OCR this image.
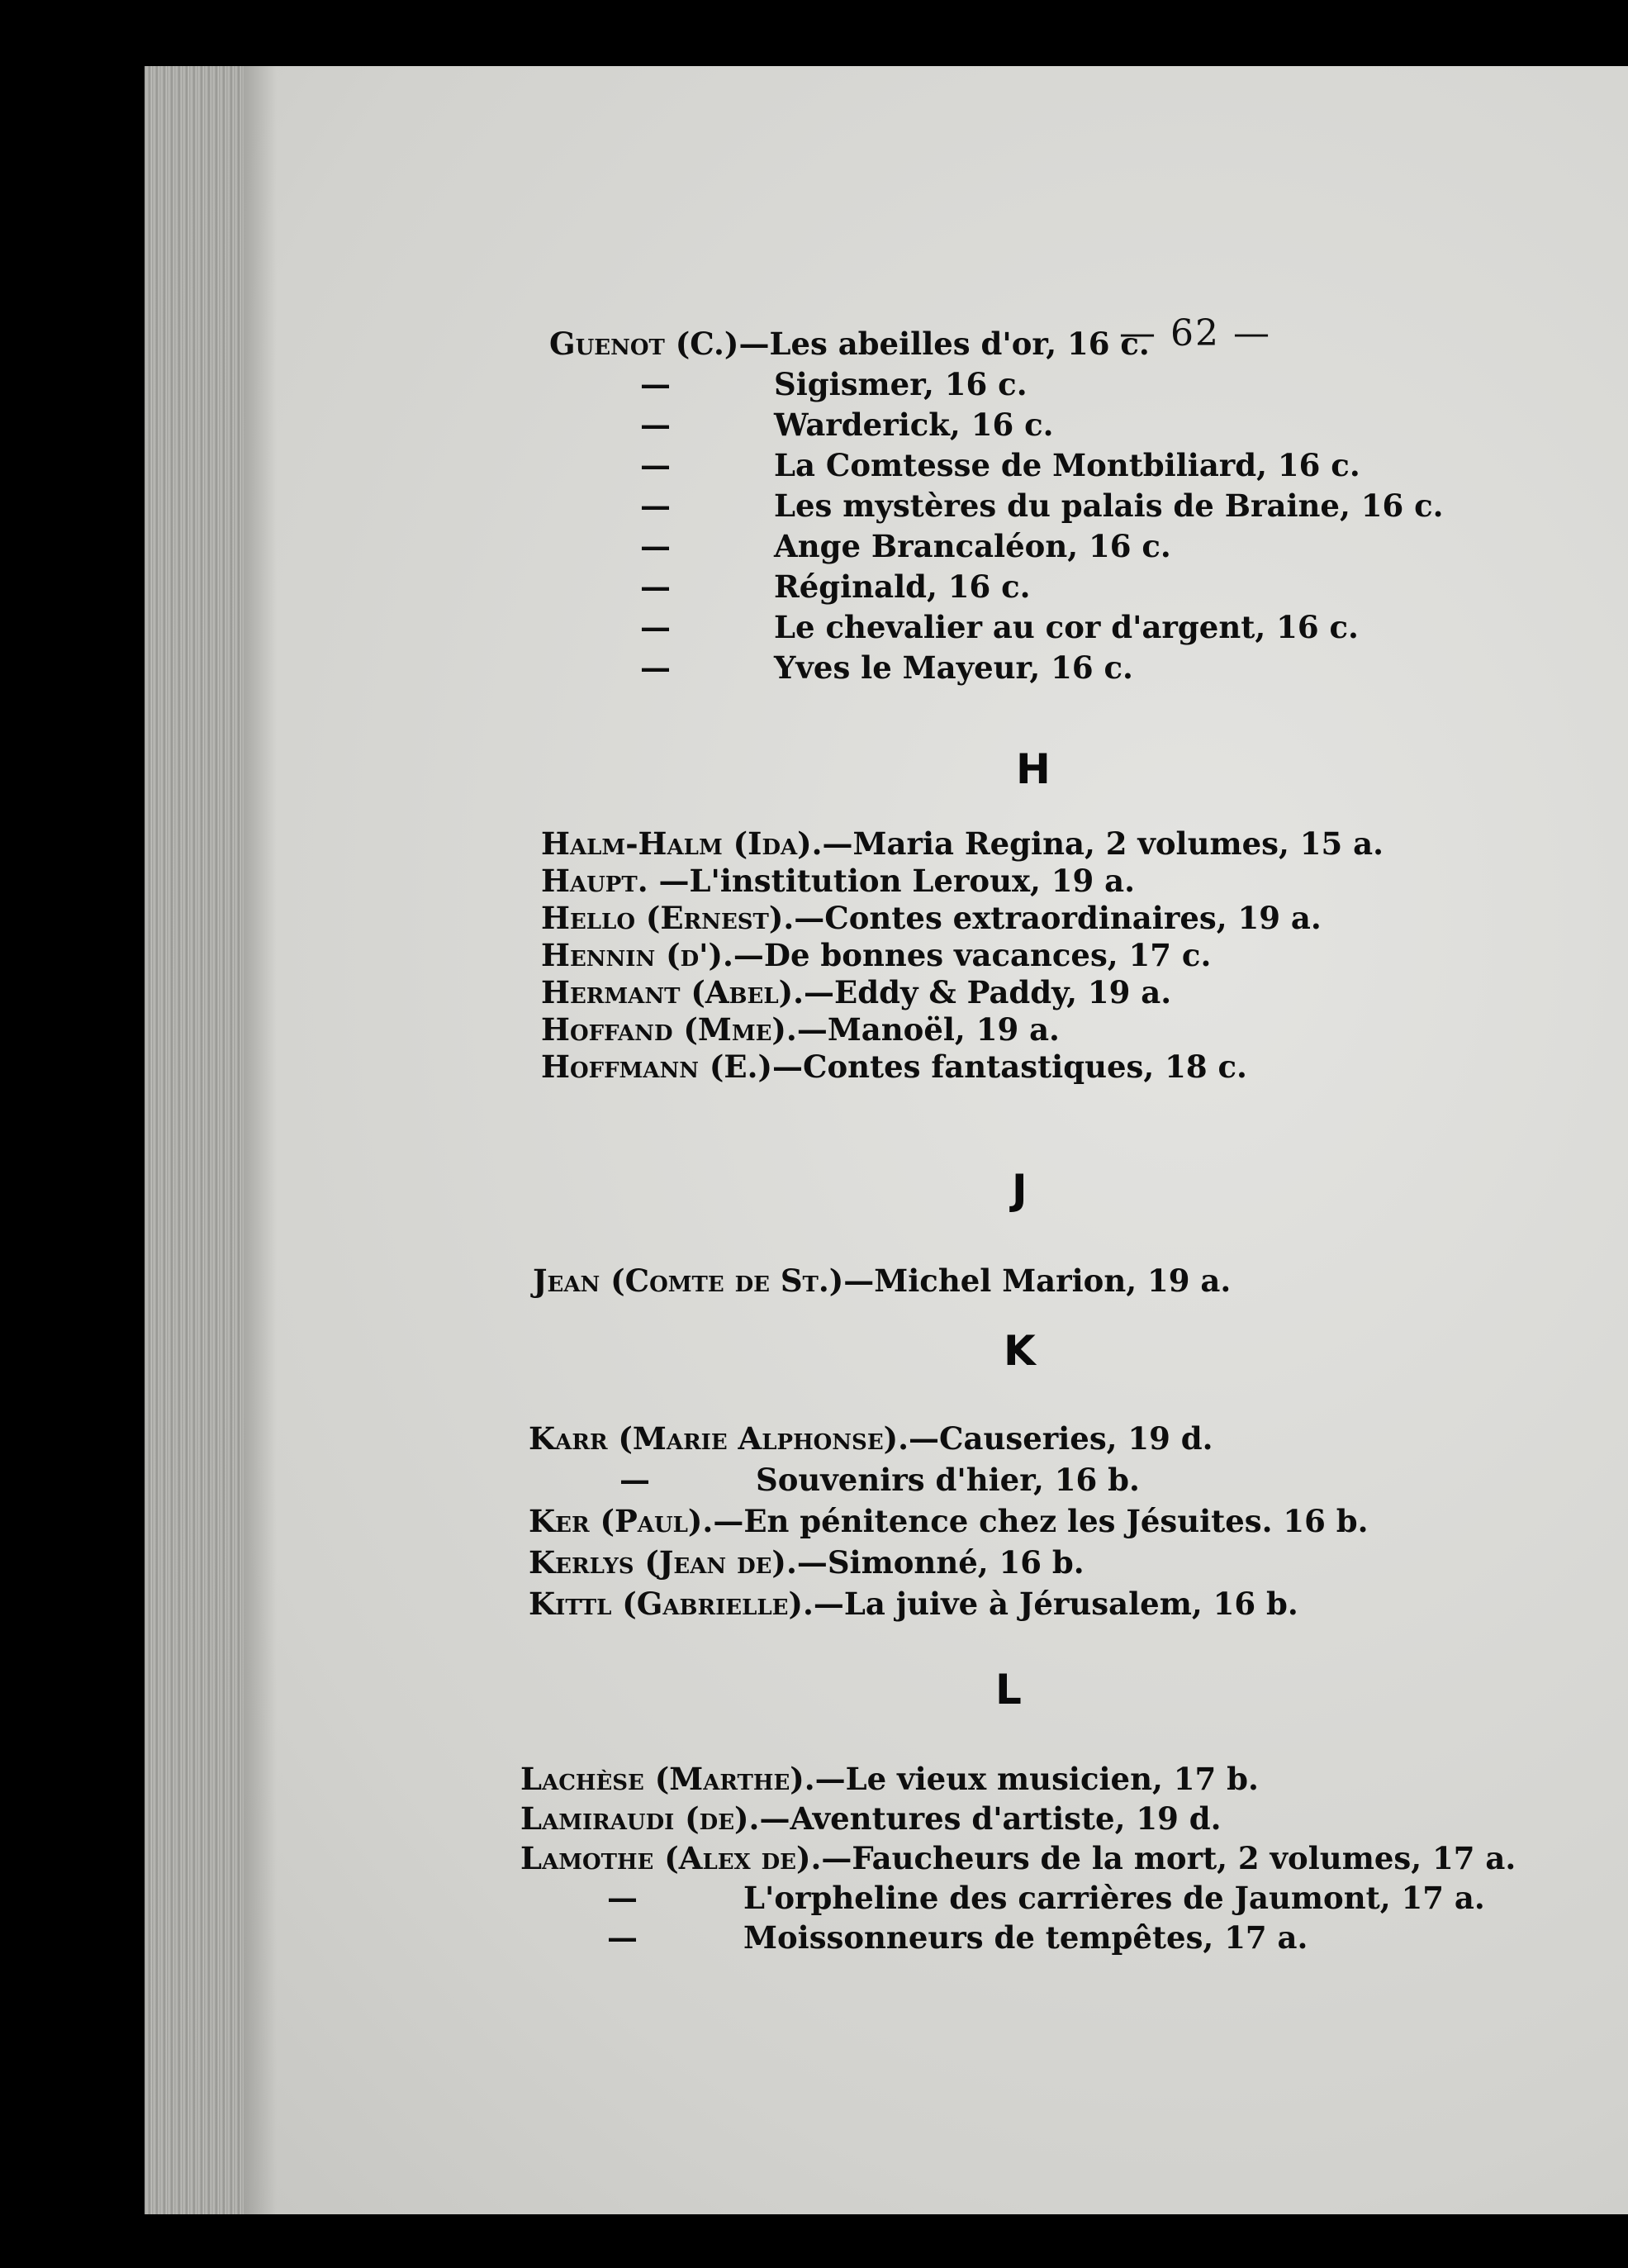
— 62 —
Guenot (C.)—Les abeilles d'or, 16 c.
—	Sigismer, 16 c.
—	Warderick, 16 c.
—	La Comtesse de Montbiliard, 16 c.
—	Les mystères du palais de Braine, 16 c.
—	Ange Brancaléon, 16 c.
—	Réginald, 16 c.
—	Le chevalier au cor d'argent, 16 c.
—	Yves le Mayeur, 16 c.
H
Halm-Halm (Ida).—Maria Regina, 2 volumes, 15 a.
Haupt. —L'institution Leroux, 19 a.
Hello (Ernest).—Contes extraordinaires, 19 a.
Hennin (d').—De bonnes vacances, 17 c.
Hermant (Abel).—Eddy & Paddy, 19 a.
Hoffand (Mme).—Manoël, 19 a.
Hoffmann (E.)—Contes fantastiques, 18 c.
J
Jean (Comte de St.)—Michel Marion, 19 a.
K
Karr (Marie Alphonse).—Causeries, 19 d.
—	Souvenirs d'hier, 16 b.
Ker (Paul).—En pénitence chez les Jésuites. 16 b.
Kerlys (Jean de).—Simonné, 16 b.
Kittl (Gabrielle).—La juive à Jérusalem, 16 b.
L
Lachèse (Marthe).—Le vieux musicien, 17 b.
Lamiraudi (de).—Aventures d'artiste, 19 d.
Lamothe (Alex de).—Faucheurs de la mort, 2 volumes, 17 a.
—	L'orpheline des carrières de Jaumont, 17 a.
—	Moissonneurs de tempêtes, 17 a.
